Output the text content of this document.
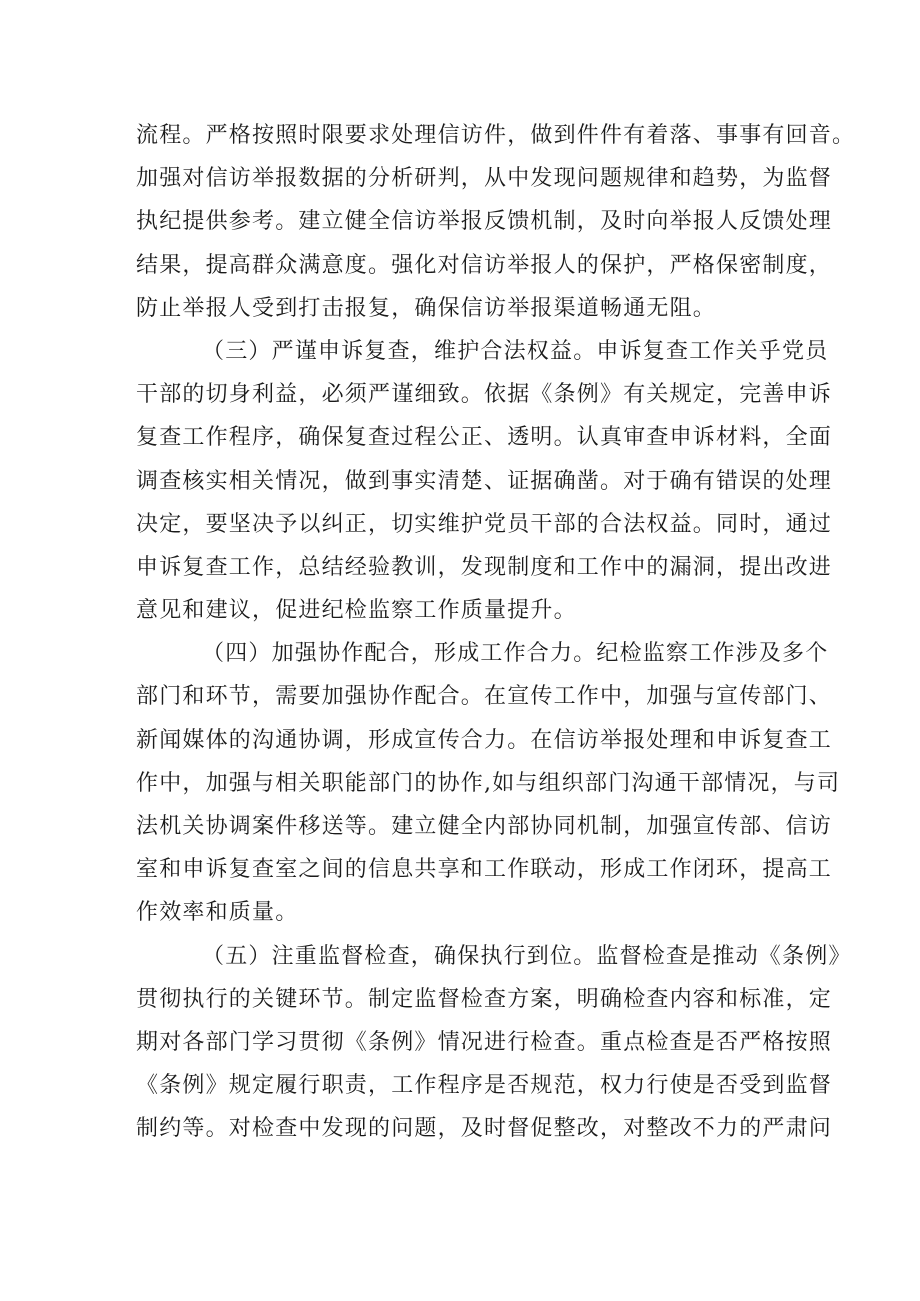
流程。严格按照时限要求处理信访件，做到件件有着落、事事有回音。
加强对信访举报数据的分析研判，从中发现问题规律和趋势，为监督
执纪提供参考。建立健全信访举报反馈机制，及时向举报人反馈处理
结果，提高群众满意度。强化对信访举报人的保护，严格保密制度，
防止举报人受到打击报复，确保信访举报渠道畅通无阻。
（三）严谨申诉复查，维护合法权益。申诉复查工作关乎党员
干部的切身利益，必须严谨细致。依据《条例》有关规定，完善申诉
复查工作程序，确保复查过程公正、透明。认真审查申诉材料，全面
调查核实相关情况，做到事实清楚、证据确凿。对于确有错误的处理
决定，要坚决予以纠正，切实维护党员干部的合法权益。同时，通过
申诉复查工作，总结经验教训，发现制度和工作中的漏洞，提出改进
意见和建议，促进纪检监察工作质量提升。
（四）加强协作配合，形成工作合力。纪检监察工作涉及多个
部门和环节，需要加强协作配合。在宣传工作中，加强与宣传部门、
新闻媒体的沟通协调，形成宣传合力。在信访举报处理和申诉复查工
作中，加强与相关职能部门的协作,如与组织部门沟通干部情况，与司
法机关协调案件移送等。建立健全内部协同机制，加强宣传部、信访
室和申诉复查室之间的信息共享和工作联动，形成工作闭环，提高工
作效率和质量。
（五）注重监督检查，确保执行到位。监督检查是推动《条例》
贯彻执行的关键环节。制定监督检查方案，明确检查内容和标准，定
期对各部门学习贯彻《条例》情况进行检查。重点检查是否严格按照
《条例》规定履行职责，工作程序是否规范，权力行使是否受到监督
制约等。对检查中发现的问题，及时督促整改，对整改不力的严肃问
